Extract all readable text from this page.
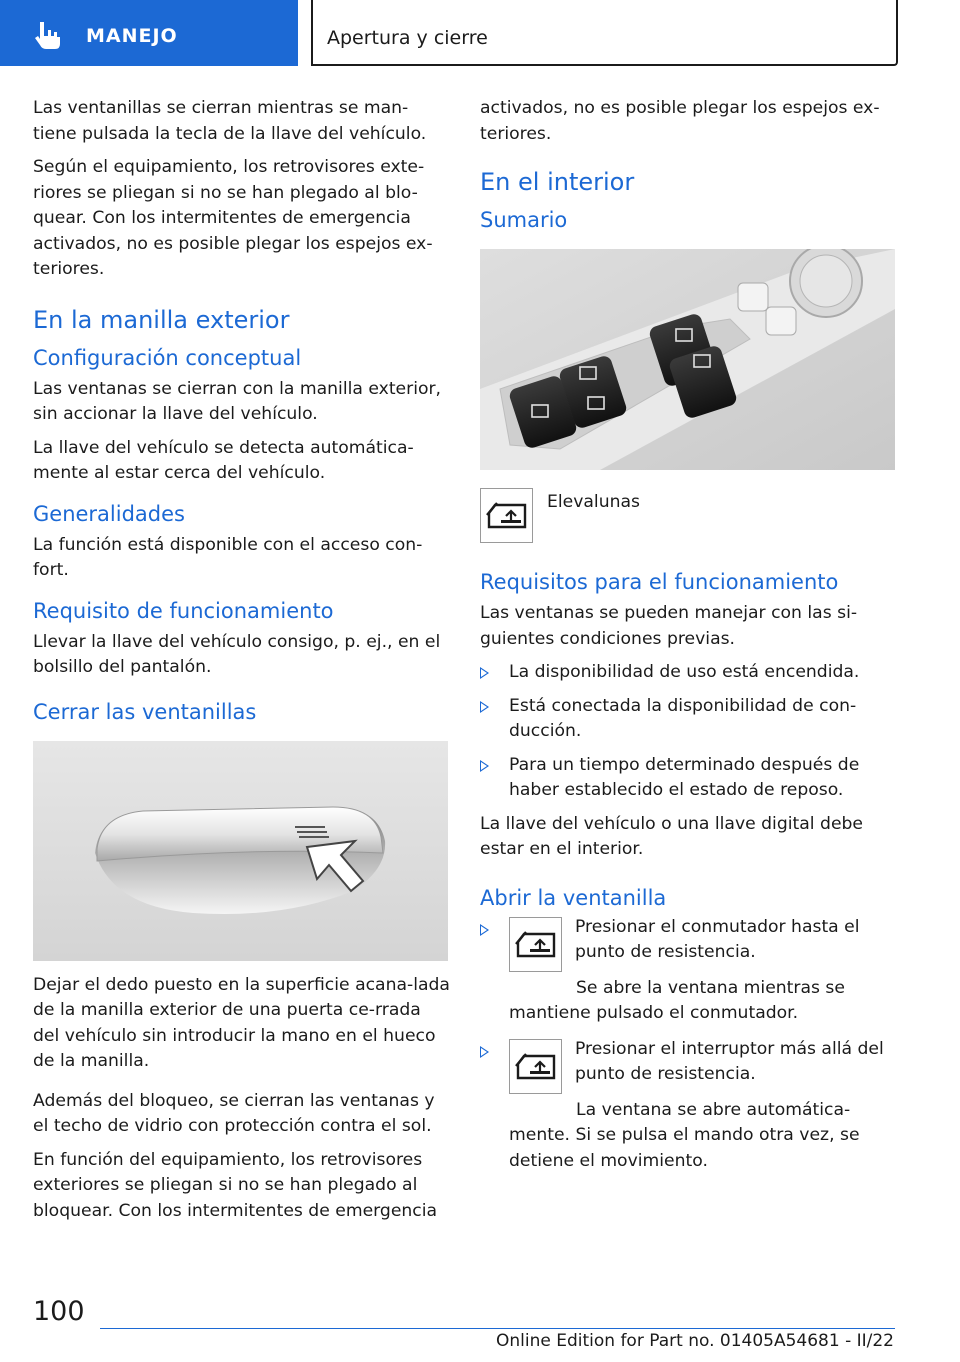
MANEJO	Apertura y cierre

Las ventanillas se cierran mientras se man-tiene pulsada la tecla de la llave del vehículo.

Según el equipamiento, los retrovisores exte-riores se pliegan si no se han plegado al blo-quear. Con los intermitentes de emergencia activados, no es posible plegar los espejos ex-teriores.

En la manilla exterior
Configuración conceptual

Las ventanas se cierran con la manilla exterior, sin accionar la llave del vehículo.

La llave del vehículo se detecta automática-mente al estar cerca del vehículo.

Generalidades

La función está disponible con el acceso con-fort.

Requisito de funcionamiento

Llevar la llave del vehículo consigo, p. ej., en el bolsillo del pantalón.

Cerrar las ventanillas

Dejar el dedo puesto en la superficie acana-lada de la manilla exterior de una puerta ce-rrada del vehículo sin introducir la mano en el hueco de la manilla.

Además del bloqueo, se cierran las ventanas y el techo de vidrio con protección contra el sol.

En función del equipamiento, los retrovisores exteriores se pliegan si no se han plegado al bloquear. Con los intermitentes de emergencia

activados, no es posible plegar los espejos ex-teriores.

En el interior
Sumario
Elevalunas
Requisitos para el funcionamiento

Las ventanas se pueden manejar con las si-guientes condiciones previas.

La disponibilidad de uso está encendida.
Está conectada la disponibilidad de con-ducción.
Para un tiempo determinado después de haber establecido el estado de reposo.

La llave del vehículo o una llave digital debe estar en el interior.

Abrir la ventanilla
Presionar el conmutador hasta el punto de resistencia.
Se abre la ventana mientras se mantiene pulsado el conmutador.
Presionar el interruptor más allá del punto de resistencia.
La ventana se abre automática-mente. Si se pulsa el mando otra vez, se detiene el movimiento.
100
Online Edition for Part no. 01405A54681 - II/22
